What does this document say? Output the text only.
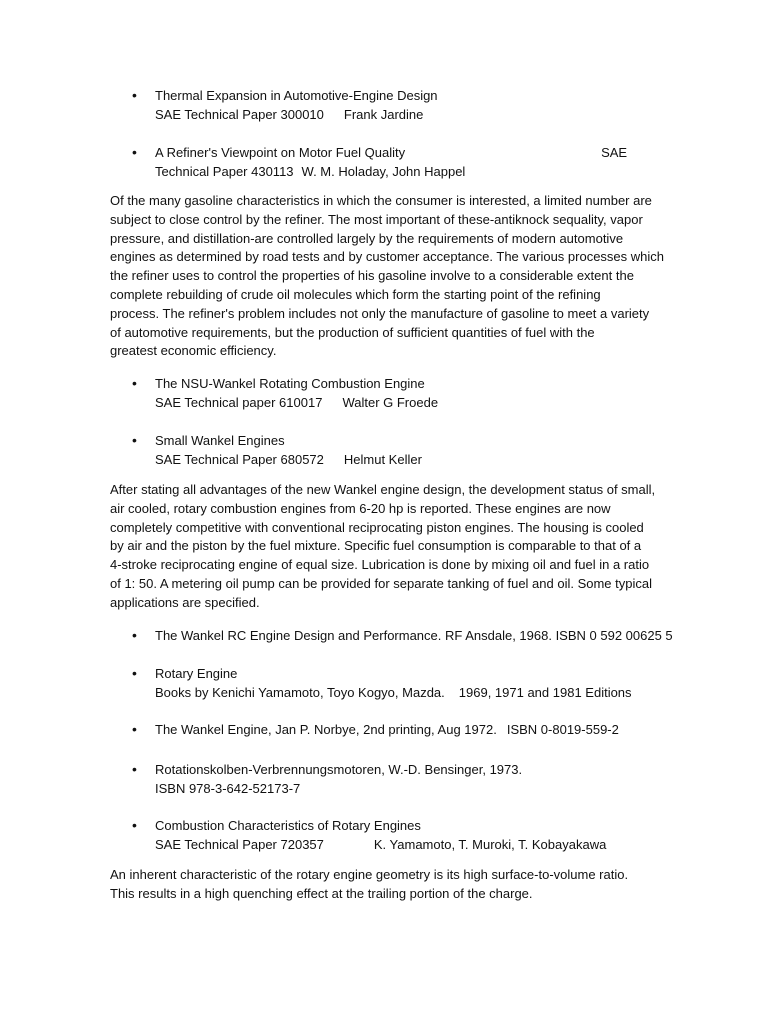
•	Thermal Expansion in Automotive-Engine Design
SAE Technical Paper 300010 Frank Jardine
•	A Refiner's Viewpoint on Motor Fuel Quality	SAE
Technical Paper 430113 W. M. Holaday, John Happel
Of the many gasoline characteristics in which the consumer is interested, a limited number are
subject to close control by the refiner. The most important of these-antiknock sequality, vapor
pressure, and distillation-are controlled largely by the requirements of modern automotive
engines as determined by road tests and by customer acceptance. The various processes which
the refiner uses to control the properties of his gasoline involve to a considerable extent the
complete rebuilding of crude oil molecules which form the starting point of the refining
process. The refiner's problem includes not only the manufacture of gasoline to meet a variety
of automotive requirements, but the production of sufficient quantities of fuel with the
greatest economic efficiency.
•	The NSU-Wankel Rotating Combustion Engine
SAE Technical paper 610017 Walter G Froede
•	Small Wankel Engines
SAE Technical Paper 680572 Helmut Keller
After stating all advantages of the new Wankel engine design, the development status of small,
air cooled, rotary combustion engines from 6-20 hp is reported. These engines are now
completely competitive with conventional reciprocating piston engines. The housing is cooled
by air and the piston by the fuel mixture. Specific fuel consumption is comparable to that of a
4-stroke reciprocating engine of equal size. Lubrication is done by mixing oil and fuel in a ratio
of 1: 50. A metering oil pump can be provided for separate tanking of fuel and oil. Some typical
applications are specified.
•	The Wankel RC Engine Design and Performance. RF Ansdale, 1968. ISBN 0 592 00625 5
•	Rotary Engine
Books by Kenichi Yamamoto, Toyo Kogyo, Mazda. 1969, 1971 and 1981 Editions
•	The Wankel Engine, Jan P. Norbye, 2nd printing, Aug 1972. ISBN 0-8019-559-2
•	Rotationskolben-Verbrennungsmotoren, W.-D. Bensinger, 1973.
ISBN 978-3-642-52173-7
•	Combustion Characteristics of Rotary Engines
SAE Technical Paper 720357	K. Yamamoto, T. Muroki, T. Kobayakawa
An inherent characteristic of the rotary engine geometry is its high surface-to-volume ratio.
This results in a high quenching effect at the trailing portion of the charge.
